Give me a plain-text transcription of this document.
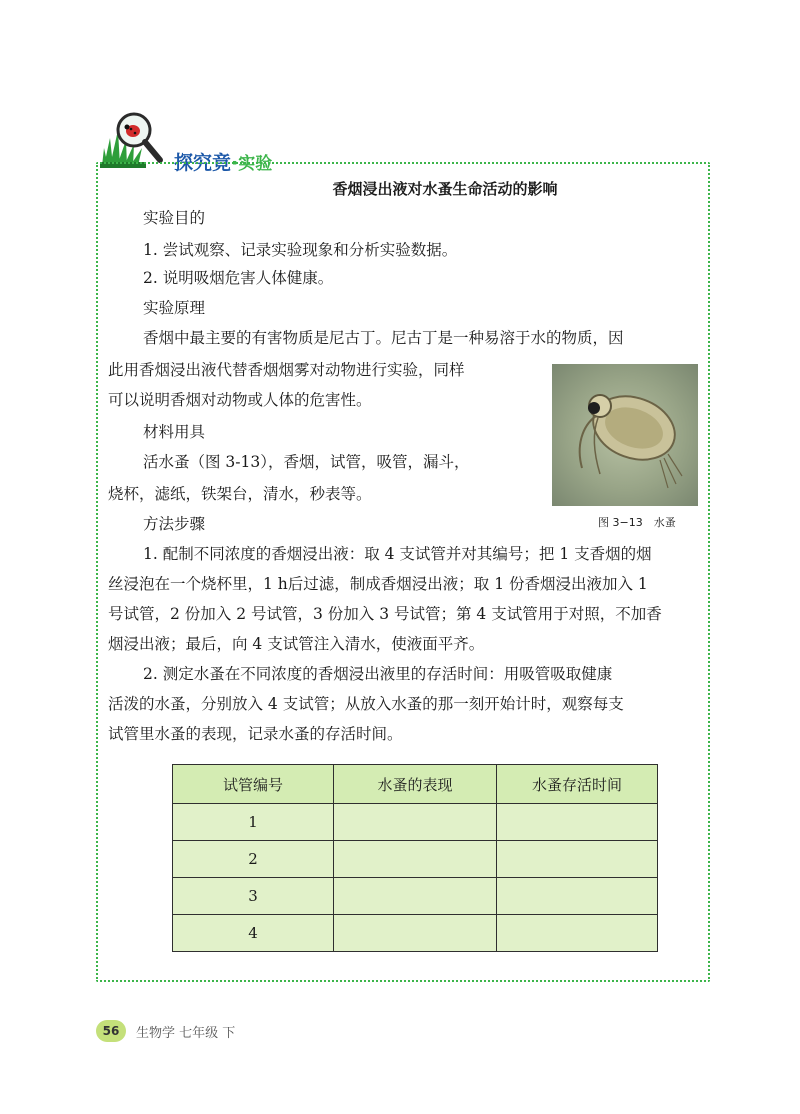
探究竟·实验
香烟浸出液对水蚤生命活动的影响
实验目的
1. 尝试观察、记录实验现象和分析实验数据。
2. 说明吸烟危害人体健康。
实验原理
香烟中最主要的有害物质是尼古丁。尼古丁是一种易溶于水的物质，因
此用香烟浸出液代替香烟烟雾对动物进行实验，同样
可以说明香烟对动物或人体的危害性。
材料用具
活水蚤（图 3-13），香烟，试管，吸管，漏斗，
烧杯，滤纸，铁架台，清水，秒表等。
方法步骤
1. 配制不同浓度的香烟浸出液：取 4 支试管并对其编号；把 1 支香烟的烟
丝浸泡在一个烧杯里，1 h后过滤，制成香烟浸出液；取 1 份香烟浸出液加入 1
号试管，2 份加入 2 号试管，3 份加入 3 号试管；第 4 支试管用于对照，不加香
烟浸出液；最后，向 4 支试管注入清水，使液面平齐。
2. 测定水蚤在不同浓度的香烟浸出液里的存活时间：用吸管吸取健康
活泼的水蚤，分别放入 4 支试管；从放入水蚤的那一刻开始计时，观察每支
试管里水蚤的表现，记录水蚤的存活时间。
图 3−13　水蚤
试管编号	水蚤的表现	水蚤存活时间
1		
2		
3		
4		
56	生物学 七年级 下
